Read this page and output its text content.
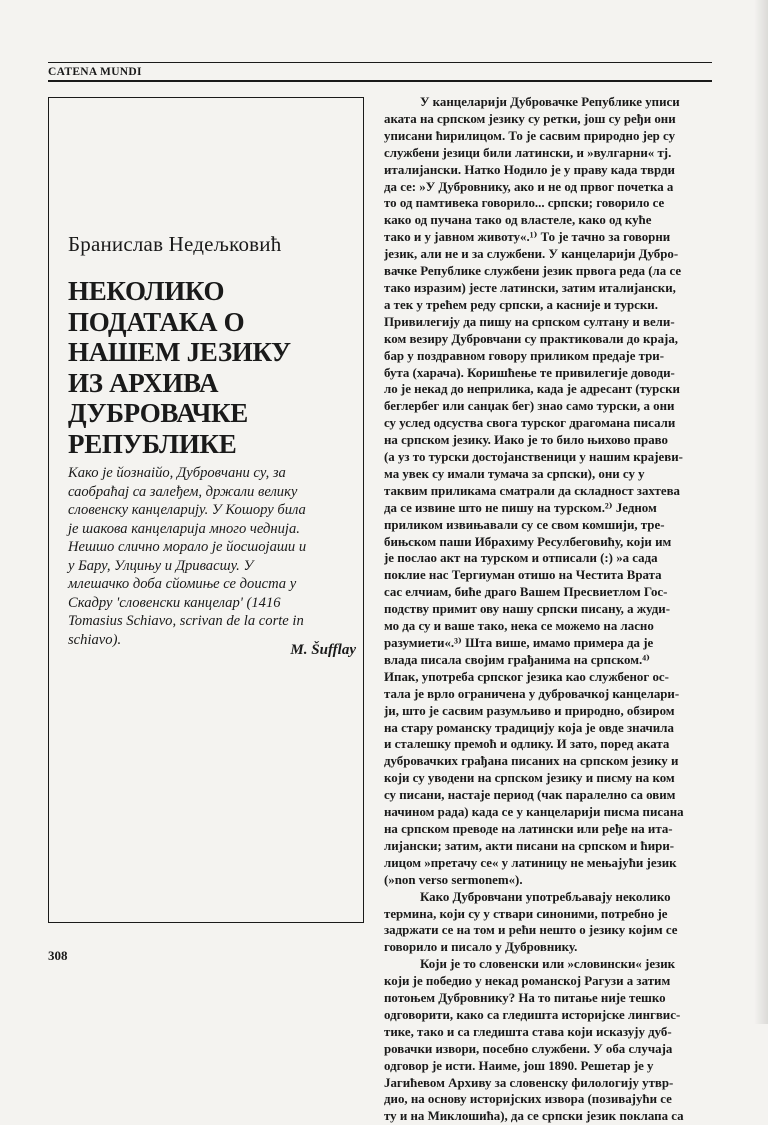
CATENA MUNDI
Бранислав Недељковић
НЕКОЛИКО
ПОДАТАКА О
НАШЕМ ЈЕЗИКУ
ИЗ АРХИВА
ДУБРОВАЧКЕ
РЕПУБЛИКЕ
Како је йознаійо, Дубровчани су, за
саобраћај са залеђем, држали велику
словенску канцеларију. У Кошору била
је шакова канцеларија много чеднија.
Нешшо слично морало је йосшојаши и
у Бару, Улцињу и Дривасшу. У
млешачко доба сйомиње се доиста у
Скадру 'словенски канцелар' (1416
Tomasius Schiavo, scrivan de la corte in
schiavo).
M. Šufflay
У канцеларији Дубровачке Републике уписи
аката на српском језику су ретки, још су ређи они
уписани ћирилицом. То је сасвим природно јер су
службени језици били латински, и »вулгарни« тј.
италијански. Натко Нодило је у праву када тврди
да се: »У Дубровнику, ако и не од првог почетка а
то од памтивека говорило... српски; говорило се
како од пучана тако од властеле, како од куће
тако и у јавном животу«.¹⁾ То је тачно за говорни
језик, али не и за службени. У канцеларији Дубро-
вачке Републике службени језик првога реда (ла се
тако изразим) јесте латински, затим италијански,
а тек у трећем реду српски, а касније и турски.
Привилегију да пишу на српском султану и вели-
ком везиру Дубровчани су практиковали до краја,
бар у поздравном говору приликом предаје три-
бута (харача). Коришћење те привилегије доводи-
ло је некад до неприлика, када је адресант (турски
беглербег или санџак бег) знао само турски, а они
су услед одсуства свога турског драгомана писали
на српском језику. Иако је то било њихово право
(а уз то турски достојанственици у нашим крајеви-
ма увек су имали тумача за српски), они су у
таквим приликама сматрали да складност захтева
да се извине што не пишу на турском.²⁾ Једном
приликом извињавали су се свом комшији, тре-
бињском паши Ибрахиму Ресулбеговићу, који им
је послао акт на турском и отписали (:) »а сада
поклие нас Тергиуман отишо на Честита Врата
сас елчиам, биће драго Вашем Пресвиетлом Гос-
подству примит ову нашу српски писану, а жуди-
мо да су и ваше тако, нека се можемо на ласно
разумиети«.³⁾ Шта више, имамо примера да је
влада писала својим грађанима на српском.⁴⁾
Ипак, употреба српског језика као службеног ос-
тала је врло ограничена у дубровачкој канцелари-
ји, што је сасвим разумљиво и природно, обзиром
на стару романску традицију која је овде значила
и сталешку премоћ и одлику. И зато, поред аката
дубровачких грађана писаних на српском језику и
који су уводени на српском језику и писму на ком
су писани, настаје период (чак паралелно са овим
начином рада) када се у канцеларији писма писана
на српском преводе на латински или ређе на ита-
лијански; затим, акти писани на српском и ћири-
лицом »претачу се« у латиницу не мењајући језик
(»non verso sermonem«).
Како Дубровчани употребљавају неколико
термина, који су у ствари синоними, потребно је
задржати се на том и рећи нешто о језику којим се
говорило и писало у Дубровнику.
Који је то словенски или »словински« језик
који је победио у некад романској Рагузи а затим
потоњем Дубровнику? На то питање није тешко
одговорити, како са гледишта историјске лингвис-
тике, тако и са гледишта става који исказују дуб-
ровачки извори, посебно службени. У оба случаја
одговор је исти. Наиме, још 1890. Решетар је у
Јагићевом Архиву за словенску филологију утвр-
дио, на основу историјских извора (позивајући се
ту и на Миклошића), да се српски језик поклапа са
308
